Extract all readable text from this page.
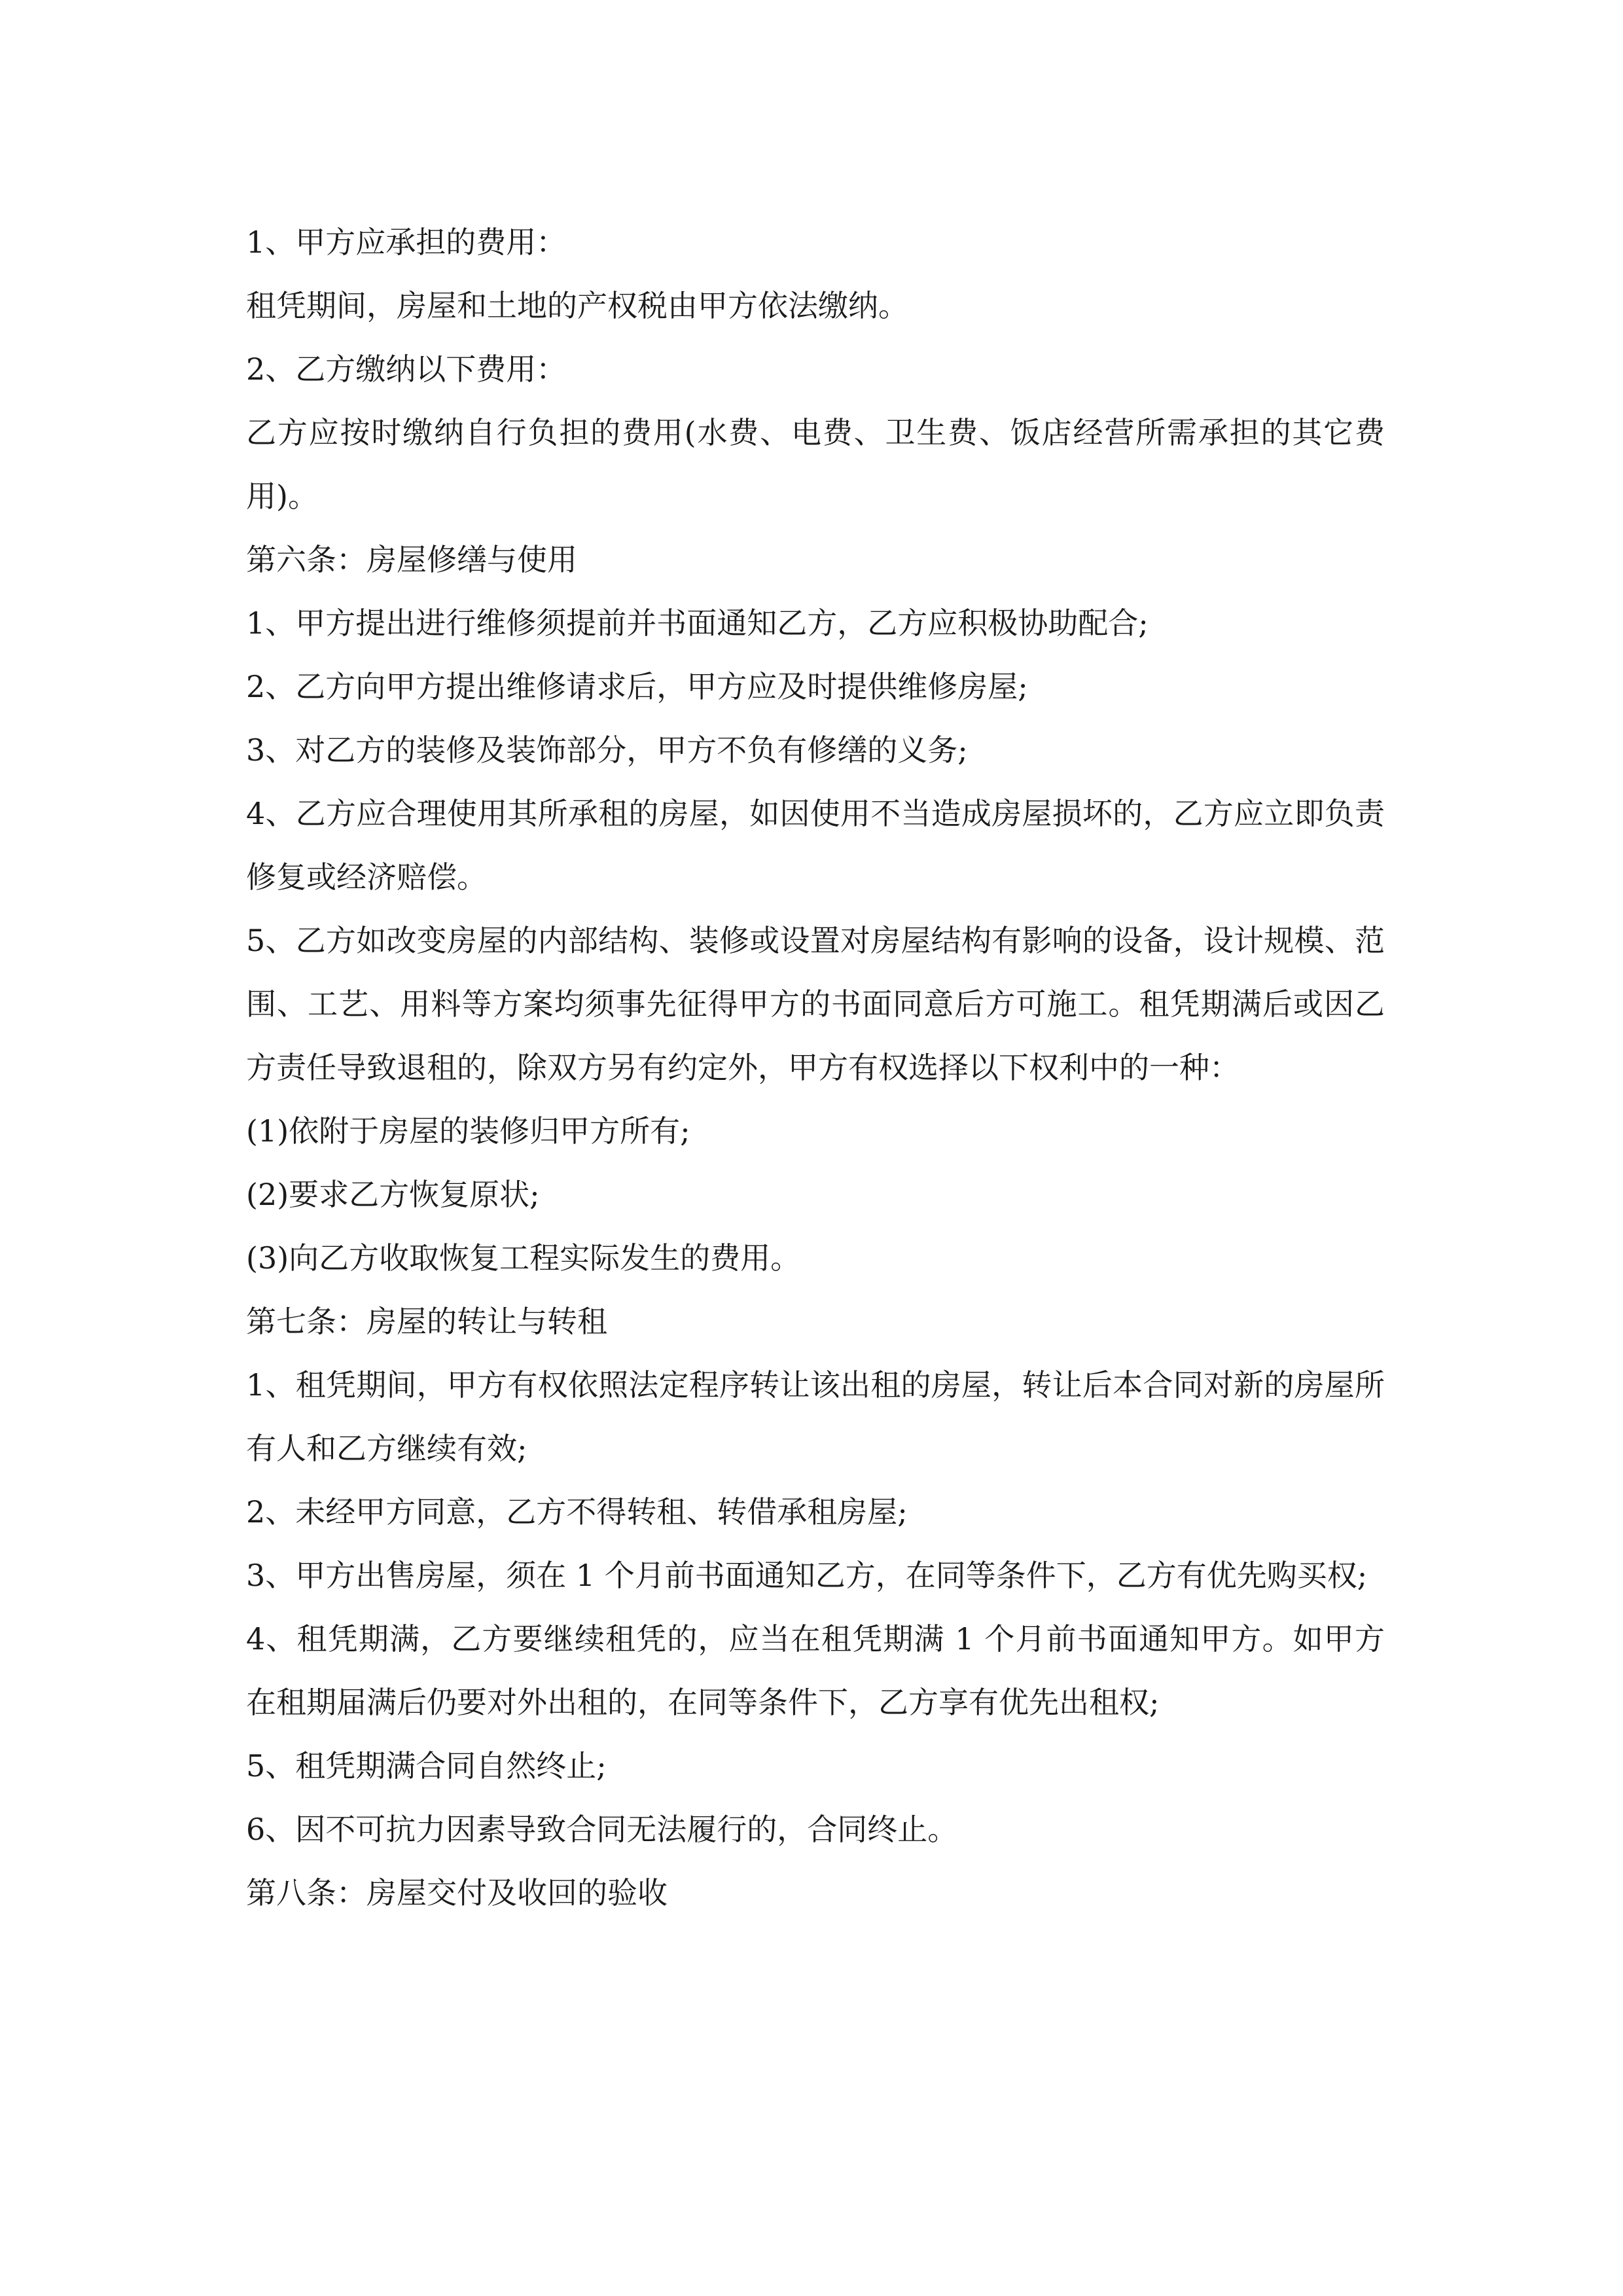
1、甲方应承担的费用：

租凭期间，房屋和土地的产权税由甲方依法缴纳。

2、乙方缴纳以下费用：

乙方应按时缴纳自行负担的费用(水费、电费、卫生费、饭店经营所需承担的其它费用)。

第六条：房屋修缮与使用

1、甲方提出进行维修须提前并书面通知乙方，乙方应积极协助配合;

2、乙方向甲方提出维修请求后，甲方应及时提供维修房屋;

3、对乙方的装修及装饰部分，甲方不负有修缮的义务;

4、乙方应合理使用其所承租的房屋，如因使用不当造成房屋损坏的，乙方应立即负责修复或经济赔偿。

5、乙方如改变房屋的内部结构、装修或设置对房屋结构有影响的设备，设计规模、范围、工艺、用料等方案均须事先征得甲方的书面同意后方可施工。租凭期满后或因乙方责任导致退租的，除双方另有约定外，甲方有权选择以下权利中的一种：

(1)依附于房屋的装修归甲方所有;

(2)要求乙方恢复原状;

(3)向乙方收取恢复工程实际发生的费用。

第七条：房屋的转让与转租

1、租凭期间，甲方有权依照法定程序转让该出租的房屋，转让后本合同对新的房屋所有人和乙方继续有效;

2、未经甲方同意，乙方不得转租、转借承租房屋;

3、甲方出售房屋，须在 1 个月前书面通知乙方，在同等条件下，乙方有优先购买权;

4、租凭期满，乙方要继续租凭的，应当在租凭期满 1 个月前书面通知甲方。如甲方在租期届满后仍要对外出租的，在同等条件下，乙方享有优先出租权;

5、租凭期满合同自然终止;

6、因不可抗力因素导致合同无法履行的，合同终止。

第八条：房屋交付及收回的验收
